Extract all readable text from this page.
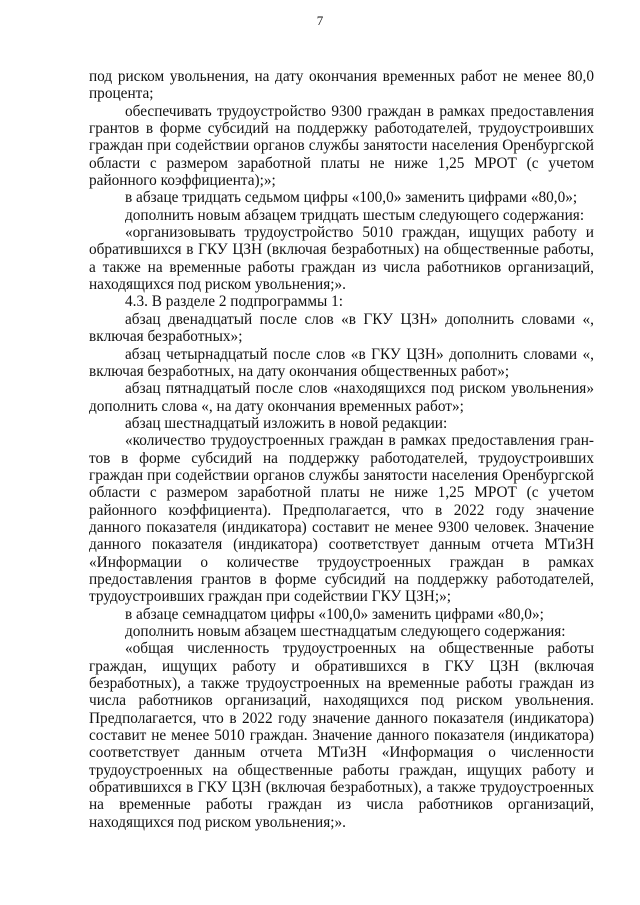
7

под риском увольнения, на дату окончания временных работ не менее 80,0 процента;

обеспечивать трудоустройство 9300 граждан в рамках предоставления грантов в форме субсидий на поддержку работодателей, трудоустроивших граждан при содействии органов службы занятости населения Оренбургской области с размером заработной платы не ниже 1,25 МРОТ (с учетом районного коэффициента);»;

в абзаце тридцать седьмом цифры «100,0» заменить цифрами «80,0»;

дополнить новым абзацем тридцать шестым следующего содержания:

«организовывать трудоустройство 5010 граждан, ищущих работу и обратившихся в ГКУ ЦЗН (включая безработных) на общественные работы, а также на временные работы граждан из числа работников организаций, находящихся под риском увольнения;».

4.3. В разделе 2 подпрограммы 1:

абзац двенадцатый после слов «в ГКУ ЦЗН» дополнить словами «, включая безработных»;

абзац четырнадцатый после слов «в ГКУ ЦЗН» дополнить словами «, включая безработных, на дату окончания общественных работ»;

абзац пятнадцатый после слов «находящихся под риском увольнения» дополнить слова «, на дату окончания временных работ»;

абзац шестнадцатый изложить в новой редакции:

«количество трудоустроенных граждан в рамках предоставления грантов в форме субсидий на поддержку работодателей, трудоустроивших граждан при содействии органов службы занятости населения Оренбургской области с размером заработной платы не ниже 1,25 МРОТ (с учетом районного коэффициента). Предполагается, что в 2022 году значение данного показателя (индикатора) составит не менее 9300 человек. Значение данного показателя (индикатора) соответствует данным отчета МТиЗН «Информации о количестве трудоустроенных граждан в рамках предоставления грантов в форме субсидий на поддержку работодателей, трудоустроивших граждан при содействии ГКУ ЦЗН;»;

в абзаце семнадцатом цифры «100,0» заменить цифрами «80,0»;

дополнить новым абзацем шестнадцатым следующего содержания:

«общая численность трудоустроенных на общественные работы граждан, ищущих работу и обратившихся в ГКУ ЦЗН (включая безработных), а также трудоустроенных на временные работы граждан из числа работников организаций, находящихся под риском увольнения. Предполагается, что в 2022 году значение данного показателя (индикатора) составит не менее 5010 граждан. Значение данного показателя (индикатора) соответствует данным отчета МТиЗН «Информация о численности трудоустроенных на общественные работы граждан, ищущих работу и обратившихся в ГКУ ЦЗН (включая безработных), а также трудоустроенных на временные работы граждан из числа работников организаций, находящихся под риском увольнения;».
